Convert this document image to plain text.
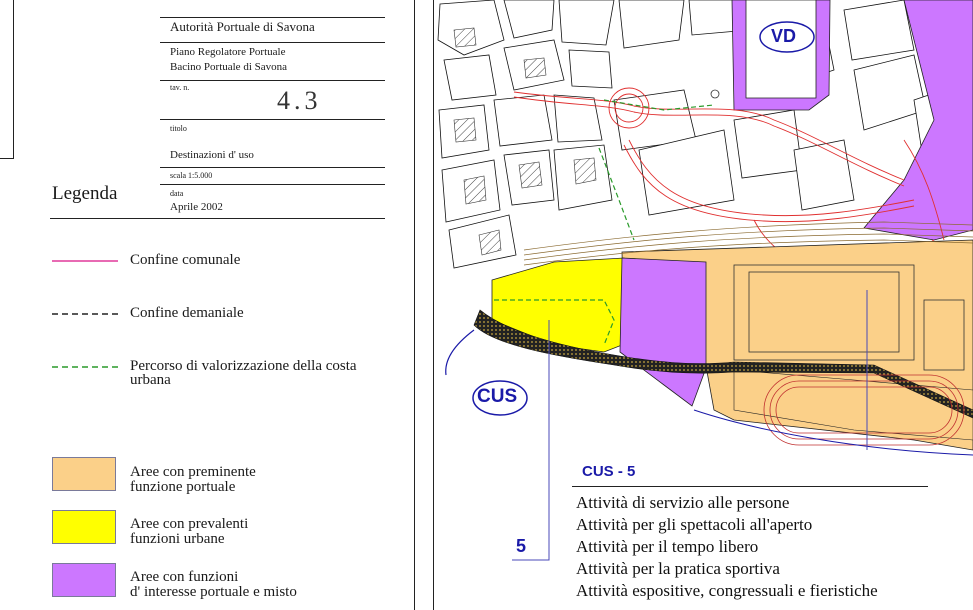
Autorità Portuale di Savona
Piano Regolatore Portuale
Bacino Portuale di Savona
tav. n.	4.3
titolo
Destinazioni d' uso
scala 1:5.000
data
Aprile 2002
Legenda
Confine comunale
Confine demaniale
Percorso di valorizzazione della costa
urbana
Aree con preminente
funzione portuale
Aree con prevalenti
funzioni urbane
Aree con funzioni
d' interesse portuale e misto
VD
CUS
5
CUS - 5
Attività di servizio alle persone
Attività per gli spettacoli all'aperto
Attività per il tempo libero
Attività per la pratica sportiva
Attività espositive, congressuali e fieristiche
